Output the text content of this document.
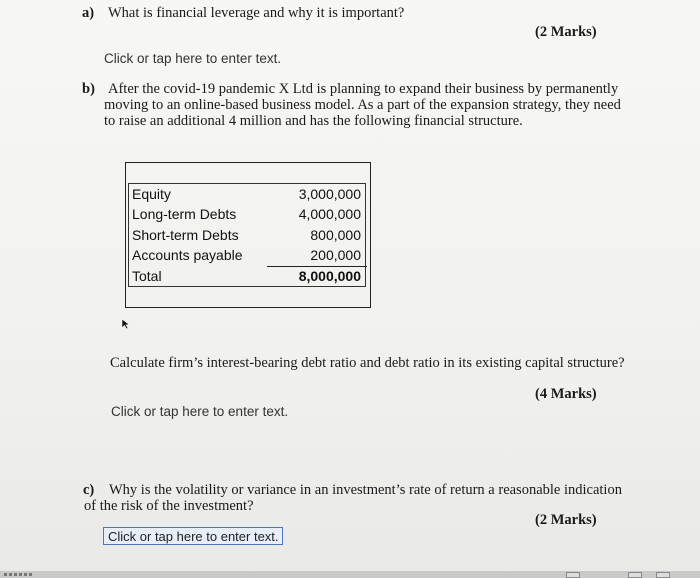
a) What is financial leverage and why it is important?
(2 Marks)
Click or tap here to enter text.
b) After the covid-19 pandemic X Ltd is planning to expand their business by permanently
moving to an online-based business model. As a part of the expansion strategy, they need
to raise an additional 4 million and has the following financial structure.
Equity	3,000,000
Long-term Debts	4,000,000
Short-term Debts	800,000
Accounts payable	200,000
Total	8,000,000
Calculate firm’s interest-bearing debt ratio and debt ratio in its existing capital structure?
(4 Marks)
Click or tap here to enter text.
c) Why is the volatility or variance in an investment’s rate of return a reasonable indication
of the risk of the investment?
(2 Marks)
Click or tap here to enter text.
